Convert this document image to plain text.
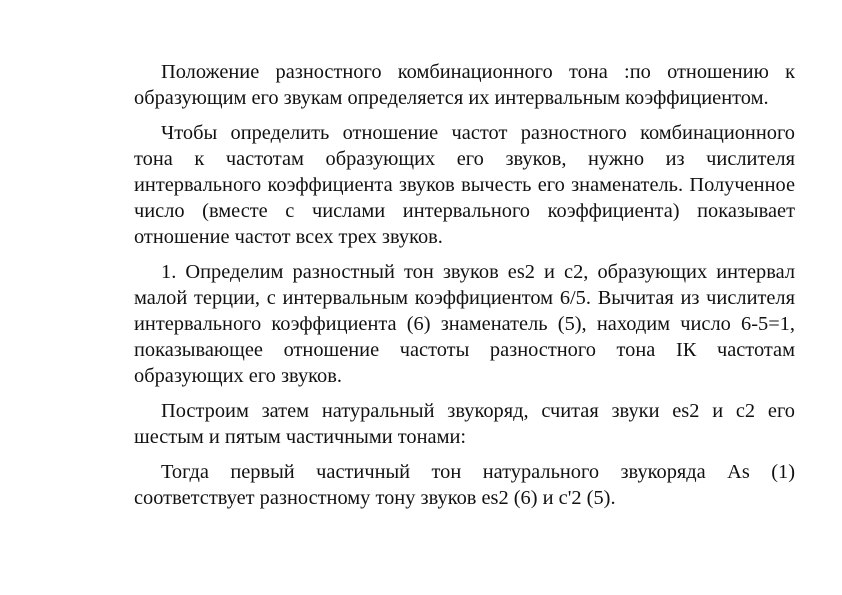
Положение разностного комбинационного тона :по отношению к образующим его звукам определяется их интервальным коэффициентом.

Чтобы определить отношение частот разностного комбинационного тона к частотам образующих его звуков, нужно из числителя интервального коэффициента звуков вычесть его знаменатель. Полученное число (вместе с числами интервального коэффициента) показывает отношение частот всех трех звуков.

1. Определим разностный тон звуков es2 и c2, образующих интервал малой терции, с интервальным коэффициентом 6/5. Вычитая из числителя интервального коэффициента (6) знаменатель (5), находим число 6-5=1, показывающее отношение частоты разностного тона IК частотам образующих его звуков.

Построим затем натуральный звукоряд, считая звуки es2 и c2 его шестым и пятым частичными тонами:

Тогда первый частичный тон натурального звукоряда As (1) соответствует разностному тону звуков es2 (6) и c'2 (5).
